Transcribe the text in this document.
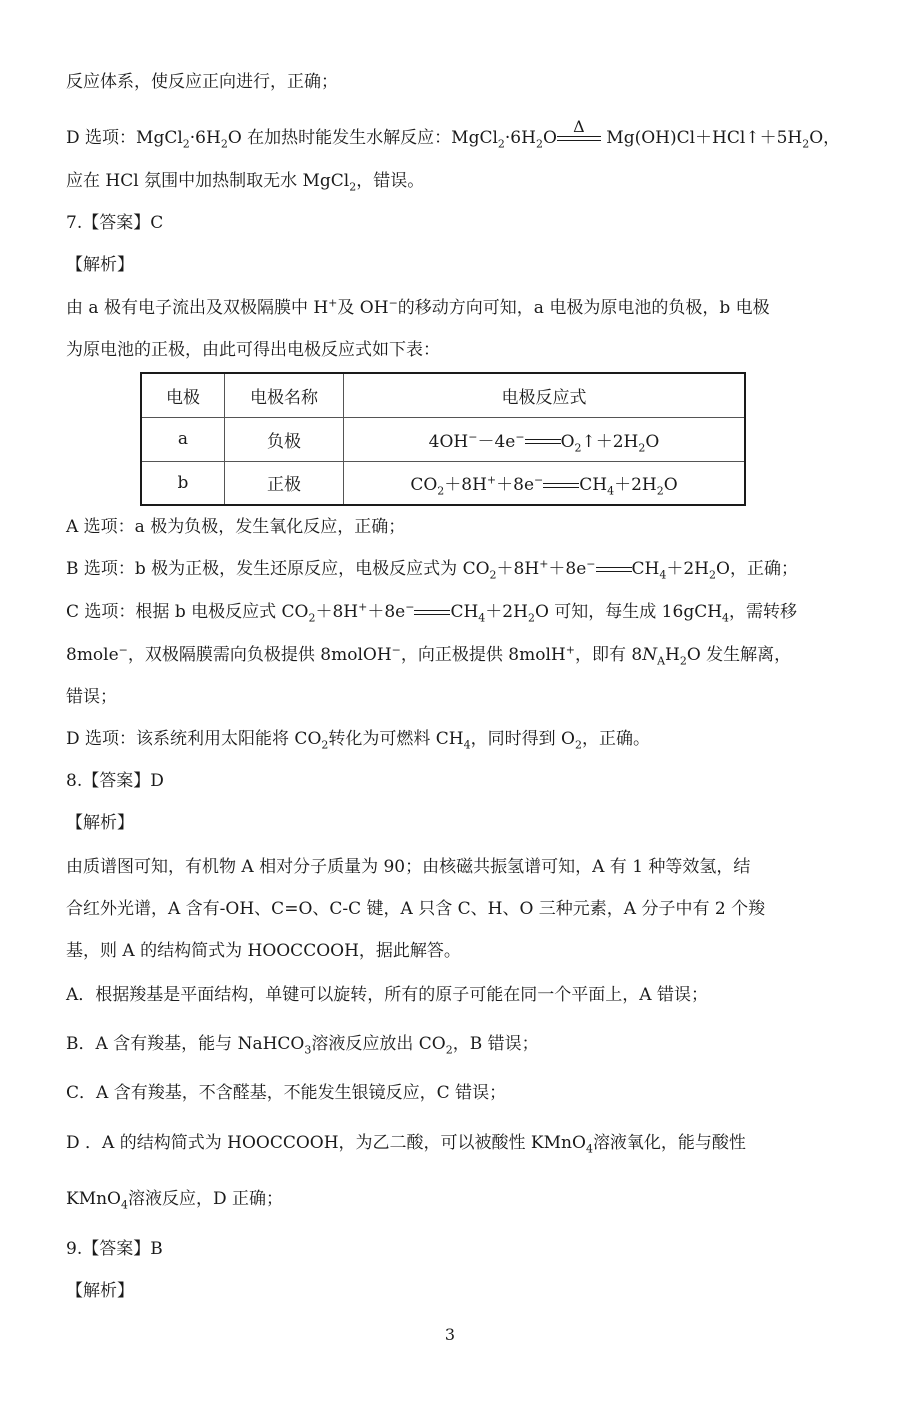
反应体系，使反应正向进行，正确；
D 选项：$MgCl_2\cdot 6H_2O$ 在加热时能发生水解反应：$MgCl_2\cdot 6H_2O$
Δ
$Mg(OH)Cl+HCl↑+5H_2O$，
应在 HCl 氛围中加热制取无水 MgCl$_2$，错误。
7.【答案】C
【解析】
由 a 极有电子流出及双极隔膜中 H+及 OH−的移动方向可知，a 电极为原电池的负极，b 电极
为原电池的正极，由此可得出电极反应式如下表：
电极	电极名称	电极反应式
a	负极	4OH−－4e− $O_2↑+2H_2O$
b	正极	$CO_2+8H^++8e^-$ $CH_4+2H_2O$
A 选项：a 极为负极，发生氧化反应，正确；
B 选项：b 极为正极，发生还原反应，电极反应式为 $CO_2+8H^++8e^-$ $CH_4+2H_2O$，正确；
C 选项：根据 b 电极反应式 $CO_2+8H^++8e^-$ $CH_4+2H_2O$ 可知，每生成 16gCH$_4$，需转移
8mole−，双极隔膜需向负极提供 8molOH−，向正极提供 8molH+，即有 $8N_AH_2O$ 发生解离，
错误；
D 选项：该系统利用太阳能将 $CO_2$转化为可燃料 $CH_4$，同时得到 $O_2$，正确。
8.【答案】D
【解析】
由质谱图可知，有机物 A 相对分子质量为 90；由核磁共振氢谱可知，A 有 1 种等效氢，结
合红外光谱，A 含有-OH、C=O、C-C 键，A 只含 C、H、O 三种元素，A 分子中有 2 个羧
基，则 A 的结构简式为 HOOCCOOH，据此解答。
A．根据羧基是平面结构，单键可以旋转，所有的原子可能在同一个平面上，A 错误；
B．A 含有羧基，能与 NaHCO$_3$溶液反应放出 $CO_2$，B 错误；
C．A 含有羧基，不含醛基，不能发生银镜反应，C 错误；
D ．A 的结构简式为 HOOCCOOH，为乙二酸，可以被酸性 KMnO$_4$溶液氧化，能与酸性
KMnO$_4$溶液反应，D 正确；
9.【答案】B
【解析】
3
